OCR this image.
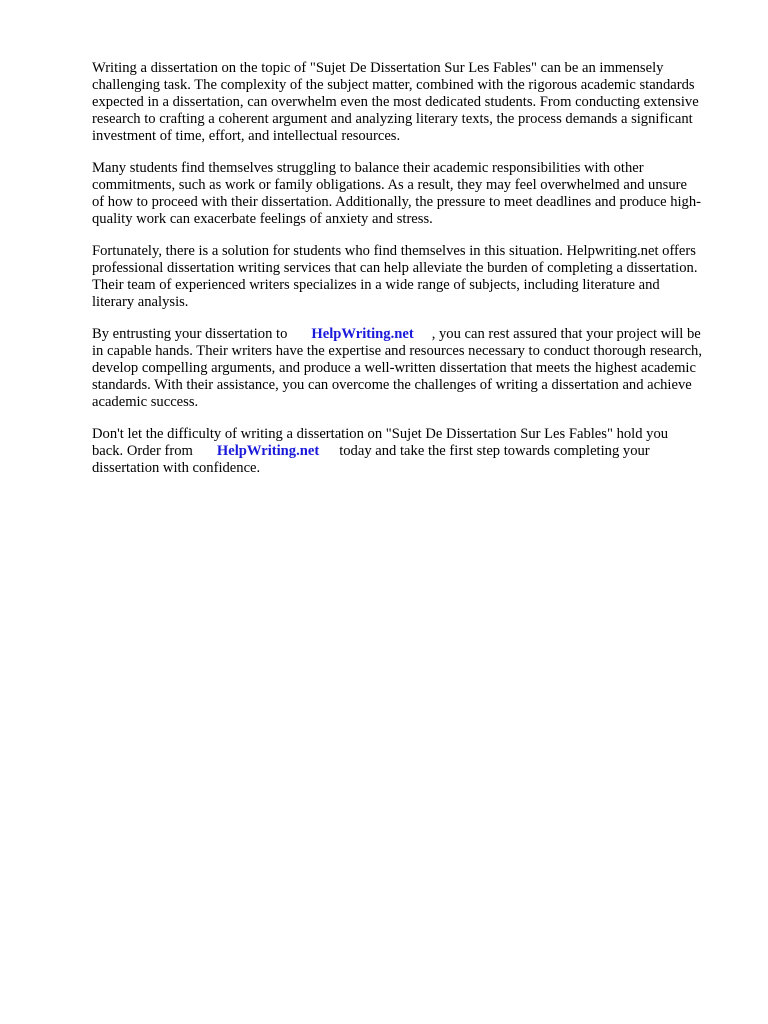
Writing a dissertation on the topic of "Sujet De Dissertation Sur Les Fables" can be an immensely challenging task. The complexity of the subject matter, combined with the rigorous academic standards expected in a dissertation, can overwhelm even the most dedicated students. From conducting extensive research to crafting a coherent argument and analyzing literary texts, the process demands a significant investment of time, effort, and intellectual resources.

Many students find themselves struggling to balance their academic responsibilities with other commitments, such as work or family obligations. As a result, they may feel overwhelmed and unsure of how to proceed with their dissertation. Additionally, the pressure to meet deadlines and produce high-quality work can exacerbate feelings of anxiety and stress.

Fortunately, there is a solution for students who find themselves in this situation. Helpwriting.net offers professional dissertation writing services that can help alleviate the burden of completing a dissertation. Their team of experienced writers specializes in a wide range of subjects, including literature and literary analysis.

By entrusting your dissertation to HelpWriting.net , you can rest assured that your project will be in capable hands. Their writers have the expertise and resources necessary to conduct thorough research, develop compelling arguments, and produce a well-written dissertation that meets the highest academic standards. With their assistance, you can overcome the challenges of writing a dissertation and achieve academic success.

Don't let the difficulty of writing a dissertation on "Sujet De Dissertation Sur Les Fables" hold you back. Order from HelpWriting.net today and take the first step towards completing your dissertation with confidence.
